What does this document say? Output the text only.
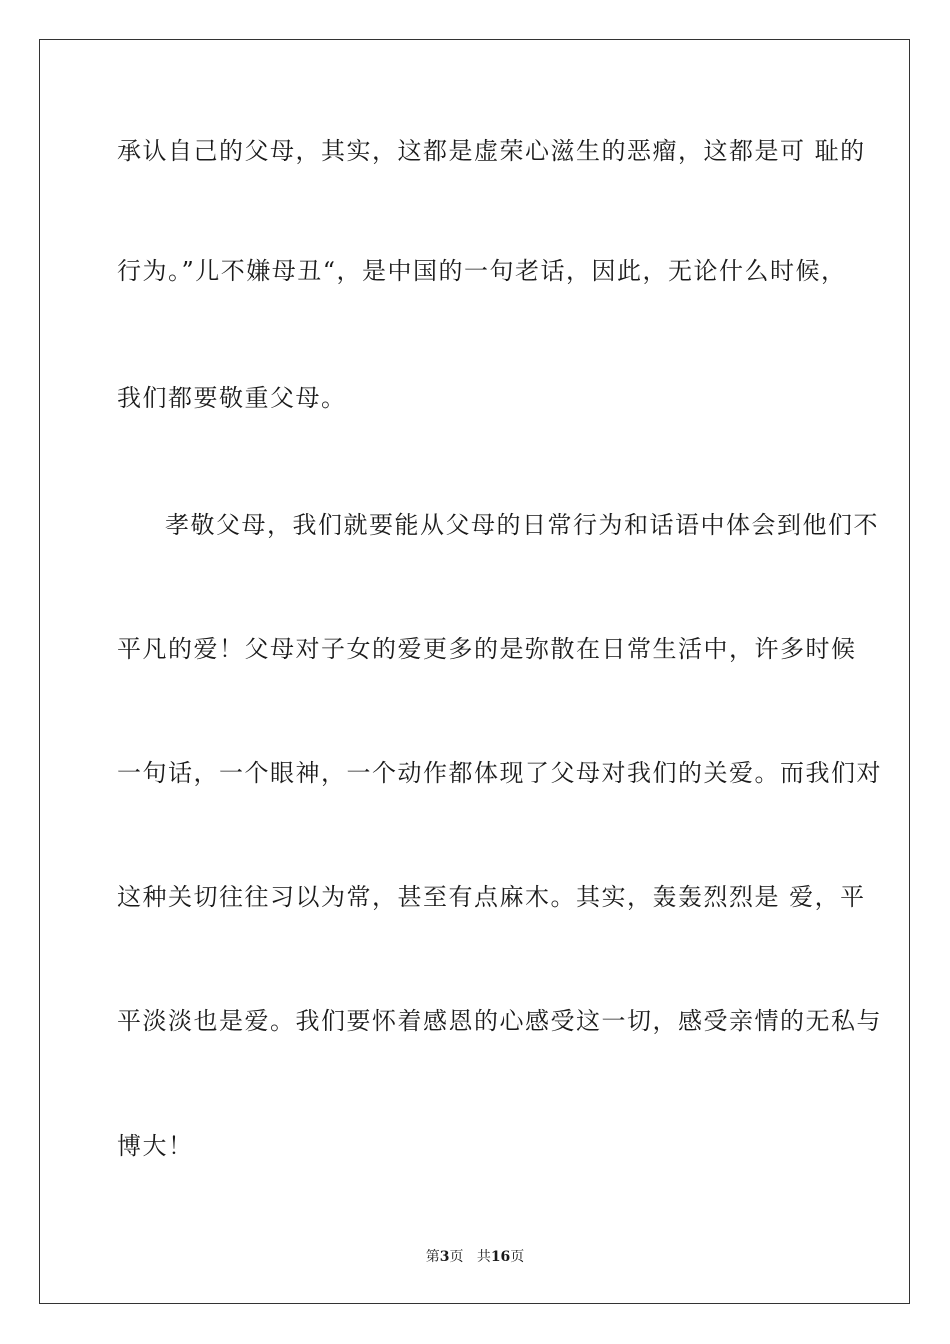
承认自己的父母，其实，这都是虚荣心滋生的恶瘤，这都是可 耻的
行为。”儿不嫌母丑“，是中国的一句老话，因此，无论什么时候，
我们都要敬重父母。
孝敬父母，我们就要能从父母的日常行为和话语中体会到他们不
平凡的爱！父母对子女的爱更多的是弥散在日常生活中，许多时候
一句话，一个眼神，一个动作都体现了父母对我们的关爱。而我们对
这种关切往往习以为常，甚至有点麻木。其实，轰轰烈烈是 爱，平
平淡淡也是爱。我们要怀着感恩的心感受这一切，感受亲情的无私与
博大！
第3页 共16页
